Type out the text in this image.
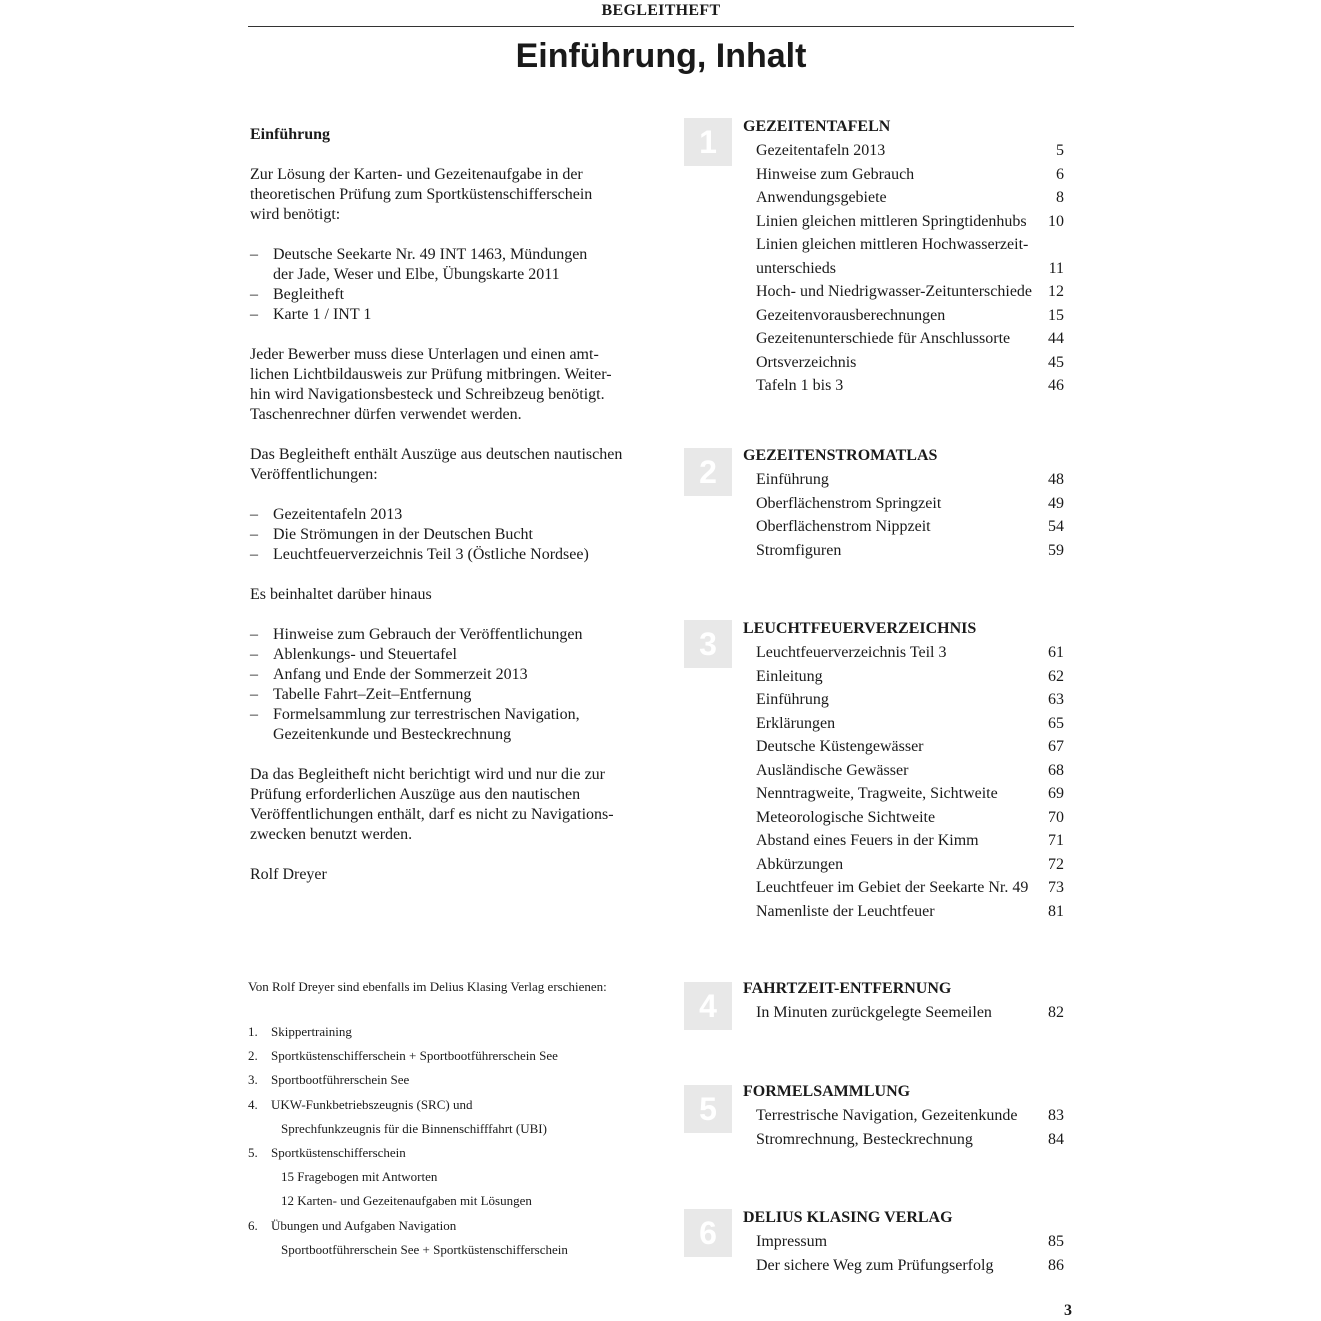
BEGLEITHEFT
Einführung, Inhalt
Einführung

Zur Lösung der Karten- und Gezeitenaufgabe in der
theoretischen Prüfung zum Sportküstenschifferschein
wird benötigt:

– Deutsche Seekarte Nr. 49 INT 1463, Mündungen
der Jade, Weser und Elbe, Übungskarte 2011
– Begleitheft
– Karte 1 / INT 1

Jeder Bewerber muss diese Unterlagen und einen amt-
lichen Lichtbildausweis zur Prüfung mitbringen. Weiter-
hin wird Navigationsbesteck und Schreibzeug benötigt.
Taschenrechner dürfen verwendet werden.

Das Begleitheft enthält Auszüge aus deutschen nautischen
Veröffentlichungen:

– Gezeitentafeln 2013
– Die Strömungen in der Deutschen Bucht
– Leuchtfeuerverzeichnis Teil 3 (Östliche Nordsee)

Es beinhaltet darüber hinaus

– Hinweise zum Gebrauch der Veröffentlichungen
– Ablenkungs- und Steuertafel
– Anfang und Ende der Sommerzeit 2013
– Tabelle Fahrt–Zeit–Entfernung
– Formelsammlung zur terrestrischen Navigation,
Gezeitenkunde und Besteckrechnung

Da das Begleitheft nicht berichtigt wird und nur die zur
Prüfung erforderlichen Auszüge aus den nautischen
Veröffentlichungen enthält, darf es nicht zu Navigations-
zwecken benutzt werden.

Rolf Dreyer
Von Rolf Dreyer sind ebenfalls im Delius Klasing Verlag erschienen:
1. Skippertraining
2. Sportküstenschifferschein + Sportbootführerschein See
3. Sportbootführerschein See
4. UKW-Funkbetriebszeugnis (SRC) und
Sprechfunkzeugnis für die Binnenschifffahrt (UBI)
5. Sportküstenschifferschein
15 Fragebogen mit Antworten
12 Karten- und Gezeitenaufgaben mit Lösungen
6. Übungen und Aufgaben Navigation
Sportbootführerschein See + Sportküstenschifferschein
1	GEZEITENTAFELN
Gezeitentafeln 2013	5
Hinweise zum Gebrauch	6
Anwendungsgebiete	8
Linien gleichen mittleren Springtidenhubs 10
Linien gleichen mittleren Hochwasserzeit-
unterschieds	11
Hoch- und Niedrigwasser-Zeitunterschiede 12
Gezeitenvorausberechnungen	15
Gezeitenunterschiede für Anschlussorte 44
Ortsverzeichnis	45
Tafeln 1 bis 3	46
2	GEZEITENSTROMATLAS
Einführung	48
Oberflächenstrom Springzeit	49
Oberflächenstrom Nippzeit	54
Stromfiguren	59
3	LEUCHTFEUERVERZEICHNIS
Leuchtfeuerverzeichnis Teil 3	61
Einleitung	62
Einführung	63
Erklärungen	65
Deutsche Küstengewässer	67
Ausländische Gewässer	68
Nenntragweite, Tragweite, Sichtweite	69
Meteorologische Sichtweite	70
Abstand eines Feuers in der Kimm	71
Abkürzungen	72
Leuchtfeuer im Gebiet der Seekarte Nr. 49 73
Namenliste der Leuchtfeuer	81
4	FAHRTZEIT-ENTFERNUNG
In Minuten zurückgelegte Seemeilen	82
5	FORMELSAMMLUNG
Terrestrische Navigation, Gezeitenkunde 83
Stromrechnung, Besteckrechnung	84
6	DELIUS KLASING VERLAG
Impressum	85
Der sichere Weg zum Prüfungserfolg	86
3
